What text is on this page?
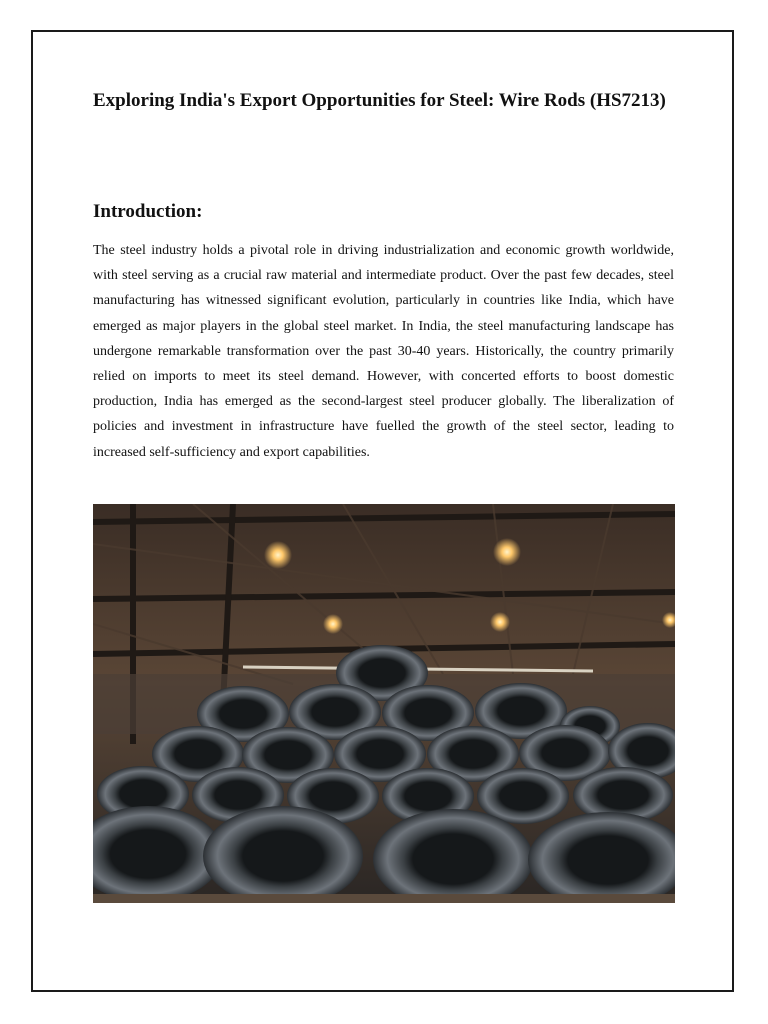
Exploring India's Export Opportunities for Steel: Wire Rods (HS7213)
Introduction:

The steel industry holds a pivotal role in driving industrialization and economic growth worldwide, with steel serving as a crucial raw material and intermediate product. Over the past few decades, steel manufacturing has witnessed significant evolution, particularly in countries like India, which have emerged as major players in the global steel market. In India, the steel manufacturing landscape has undergone remarkable transformation over the past 30-40 years. Historically, the country primarily relied on imports to meet its steel demand. However, with concerted efforts to boost domestic production, India has emerged as the second-largest steel producer globally. The liberalization of policies and investment in infrastructure have fuelled the growth of the steel sector, leading to increased self-sufficiency and export capabilities.
